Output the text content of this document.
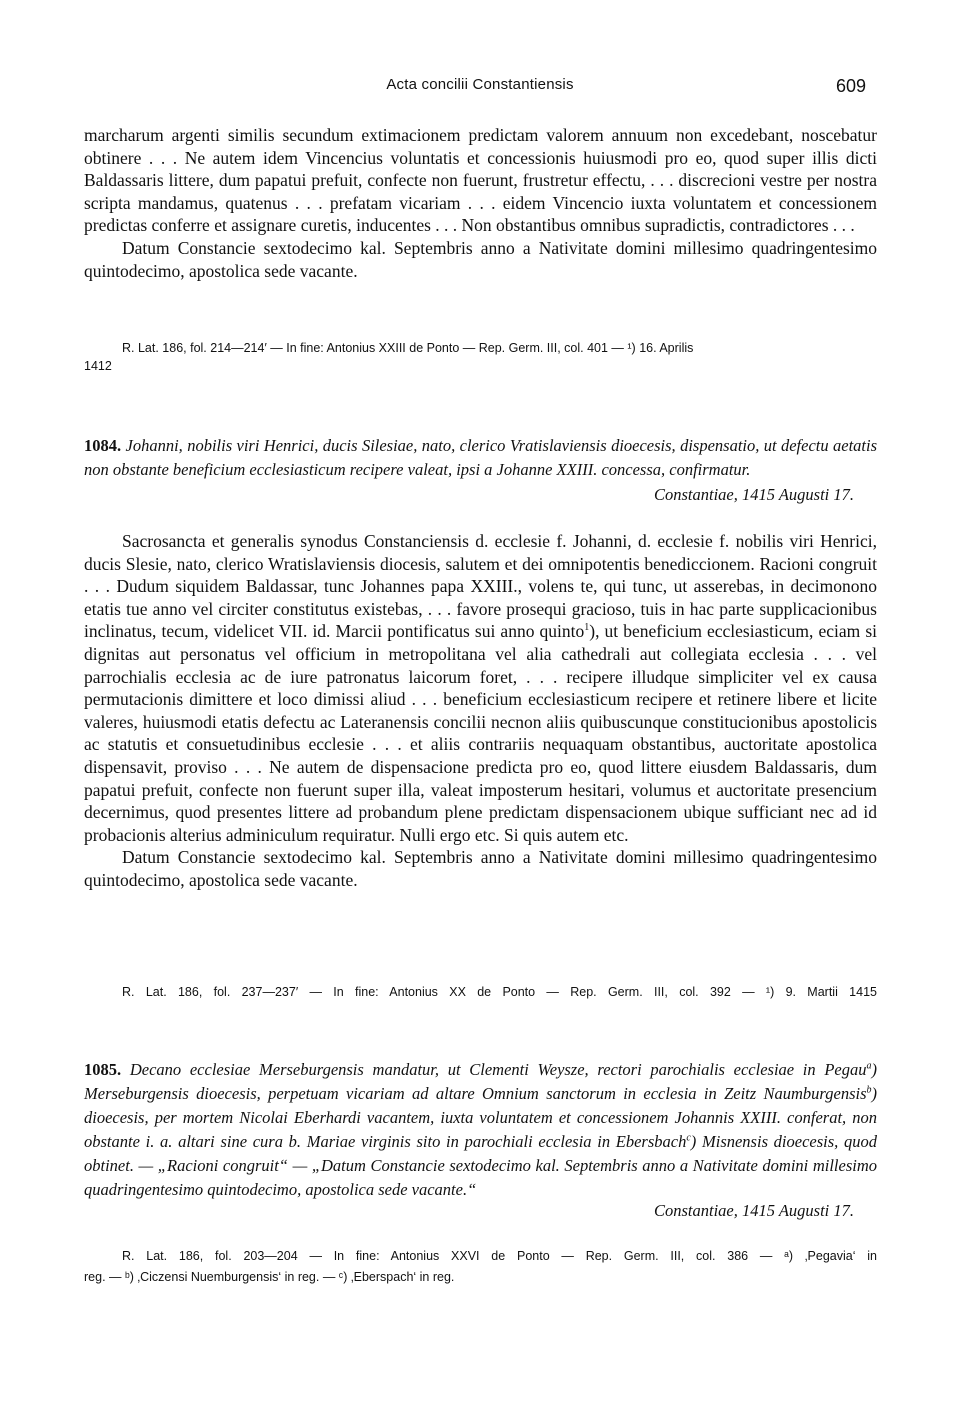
Acta concilii Constantiensis	609

marcharum argenti similis secundum extimacionem predictam valorem annuum non excedebant, noscebatur obtinere . . . Ne autem idem Vincencius voluntatis et concessionis huiusmodi pro eo, quod super illis dicti Baldassaris littere, dum papatui prefuit, confecte non fuerunt, frustretur effectu, . . . discrecioni vestre per nostra scripta mandamus, quatenus . . . prefatam vicariam . . . eidem Vincencio iuxta voluntatem et concessionem predictas conferre et assignare curetis, inducentes . . . Non obstantibus omnibus supradictis, contradictores . . .

Datum Constancie sextodecimo kal. Septembris anno a Nativitate domini millesimo quadringentesimo quintodecimo, apostolica sede vacante.

R. Lat. 186, fol. 214—214′ — In fine: Antonius XXIII de Ponto — Rep. Germ. III, col. 401 — ¹) 16. Aprilis
1412
1084. Johanni, nobilis viri Henrici, ducis Silesiae, nato, clerico Vratislaviensis dioecesis, dispensatio, ut defectu aetatis non obstante beneficium ecclesiasticum recipere valeat, ipsi a Johanne XXIII. concessa, confirmatur.
Constantiae, 1415 Augusti 17.

Sacrosancta et generalis synodus Constanciensis d. ecclesie f. Johanni, d. ecclesie f. nobilis viri Henrici, ducis Slesie, nato, clerico Wratislaviensis diocesis, salutem et dei omnipotentis benediccionem. Racioni congruit . . . Dudum siquidem Baldassar, tunc Johannes papa XXIII., volens te, qui tunc, ut asserebas, in decimonono etatis tue anno vel circiter constitutus existebas, . . . favore prosequi gracioso, tuis in hac parte supplicacionibus inclinatus, tecum, videlicet VII. id. Marcii pontificatus sui anno quinto$^1$), ut beneficium ecclesiasticum, eciam si dignitas aut personatus vel officium in metropolitana vel alia cathedrali aut collegiata ecclesia . . . vel parrochialis ecclesia ac de iure patronatus laicorum foret, . . . recipere illudque simpliciter vel ex causa permutacionis dimittere et loco dimissi aliud . . . beneficium ecclesiasticum recipere et retinere libere et licite valeres, huiusmodi etatis defectu ac Lateranensis concilii necnon aliis quibuscunque constitucionibus apostolicis ac statutis et consuetudinibus ecclesie . . . et aliis contrariis nequaquam obstantibus, auctoritate apostolica dispensavit, proviso . . . Ne autem de dispensacione predicta pro eo, quod littere eiusdem Baldassaris, dum papatui prefuit, confecte non fuerunt super illa, valeat imposterum hesitari, volumus et auctoritate presencium decernimus, quod presentes littere ad probandum plene predictam dispensacionem ubique sufficiant nec ad id probacionis alterius adminiculum requiratur. Nulli ergo etc. Si quis autem etc.

Datum Constancie sextodecimo kal. Septembris anno a Nativitate domini millesimo quadringentesimo quintodecimo, apostolica sede vacante.

R. Lat. 186, fol. 237—237′ — In fine: Antonius XX de Ponto — Rep. Germ. III, col. 392 — ¹) 9. Martii 1415
1085. Decano ecclesiae Merseburgensis mandatur, ut Clementi Weysze, rectori parochialis ecclesiae in Pegau$^a$) Merseburgensis dioecesis, perpetuam vicariam ad altare Omnium sanctorum in ecclesia in Zeitz Naumburgensis$^b$) dioecesis, per mortem Nicolai Eberhardi vacantem, iuxta voluntatem et concessionem Johannis XXIII. conferat, non obstante i. a. altari sine cura b. Mariae virginis sito in parochiali ecclesia in Ebersbach$^c$) Misnensis dioecesis, quod obtinet. — „Racioni congruit“ — „Datum Constancie sextodecimo kal. Septembris anno a Nativitate domini millesimo quadringentesimo quintodecimo, apostolica sede vacante.“
Constantiae, 1415 Augusti 17.
R. Lat. 186, fol. 203—204 — In fine: Antonius XXVI de Ponto — Rep. Germ. III, col. 386 — ᵃ) ‚Pegavia‘ in
reg. — ᵇ) ‚Ciczensi Nuemburgensis‘ in reg. — ᶜ) ‚Eberspach‘ in reg.
